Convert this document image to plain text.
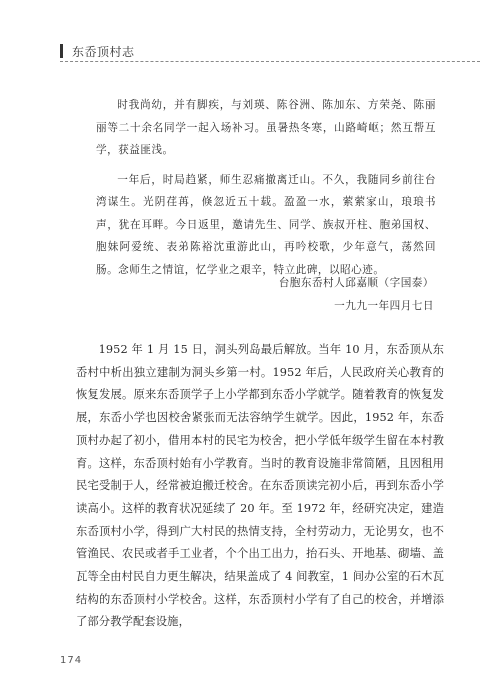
东岙顶村志

时我尚幼，并有脚疾，与刘瑛、陈谷洲、陈加东、方荣尧、陈丽丽等二十余名同学一起入场补习。虽暑热冬寒，山路崎岖；然互帮互学，获益匪浅。

一年后，时局趋紧，师生忍痛撤离迁山。不久，我随同乡前往台湾谋生。光阴荏苒，倏忽近五十载。盈盈一水，萦萦家山，琅琅书声，犹在耳畔。今日返里，邀请先生、同学、族叔开柱、胞弟国权、胞妹阿爱统、表弟陈裕沈重游此山，再吟校歌，少年意气，荡然回肠。念师生之情谊，忆学业之艰辛，特立此碑，以昭心迹。

台胞东岙村人邱嘉顺（字国泰）
一九九一年四月七日

1952 年 1 月 15 日，洞头列岛最后解放。当年 10 月，东岙顶从东岙村中析出独立建制为洞头乡第一村。1952 年后，人民政府关心教育的恢复发展。原来东岙顶学子上小学都到东岙小学就学。随着教育的恢复发展，东岙小学也因校舍紧张而无法容纳学生就学。因此，1952 年，东岙顶村办起了初小，借用本村的民宅为校舍，把小学低年级学生留在本村教育。这样，东岙顶村始有小学教育。当时的教育设施非常简陋，且因租用民宅受制于人，经常被迫搬迁校舍。在东岙顶读完初小后，再到东岙小学读高小。这样的教育状况延续了 20 年。至 1972 年，经研究决定，建造东岙顶村小学，得到广大村民的热情支持，全村劳动力，无论男女，也不管渔民、农民或者手工业者，个个出工出力，抬石头、开地基、砌墙、盖瓦等全由村民自力更生解决，结果盖成了 4 间教室，1 间办公室的石木瓦结构的东岙顶村小学校舍。这样，东岙顶村小学有了自己的校舍，并增添了部分教学配套设施，

174
